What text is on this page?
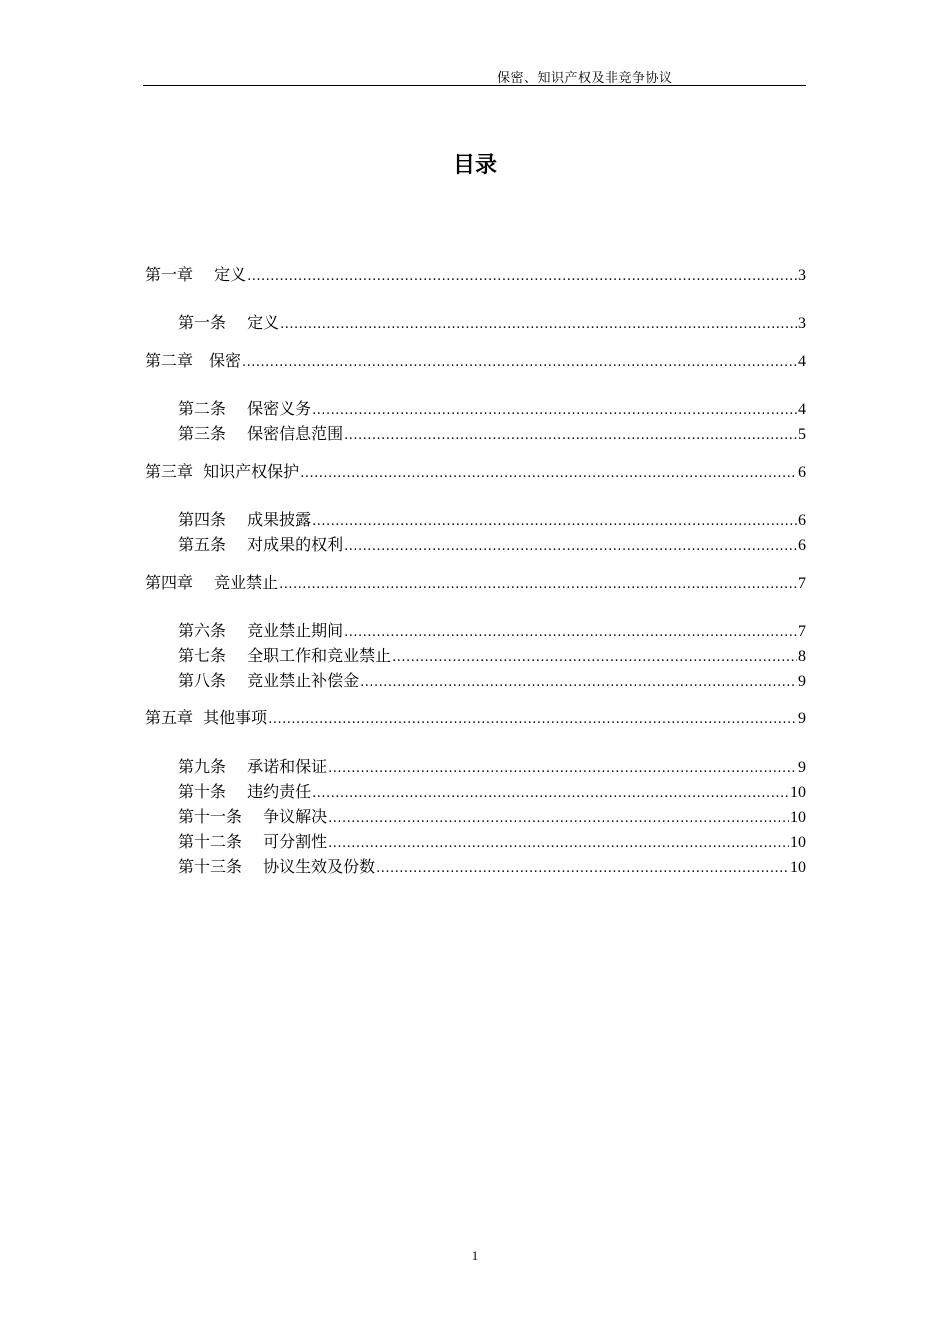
保密、知识产权及非竞争协议
目录
第一章　 定义 .....	3
第一条　 定义 .....	3
第二章　保密 .....	4
第二条　 保密义务 .....	4
第三条　 保密信息范围 .....	5
第三章  知识产权保护 .....	6
第四条　 成果披露 .....	6
第五条　 对成果的权利 .....	6
第四章　 竞业禁止 .....	7
第六条　 竞业禁止期间 .....	7
第七条　 全职工作和竞业禁止 .....	8
第八条　 竞业禁止补偿金 .....	9
第五章  其他事项 .....	9
第九条　 承诺和保证 .....	9
第十条　 违约责任 .....	10
第十一条　 争议解决 .....	10
第十二条　 可分割性 .....	10
第十三条　 协议生效及份数 .....	10
1
